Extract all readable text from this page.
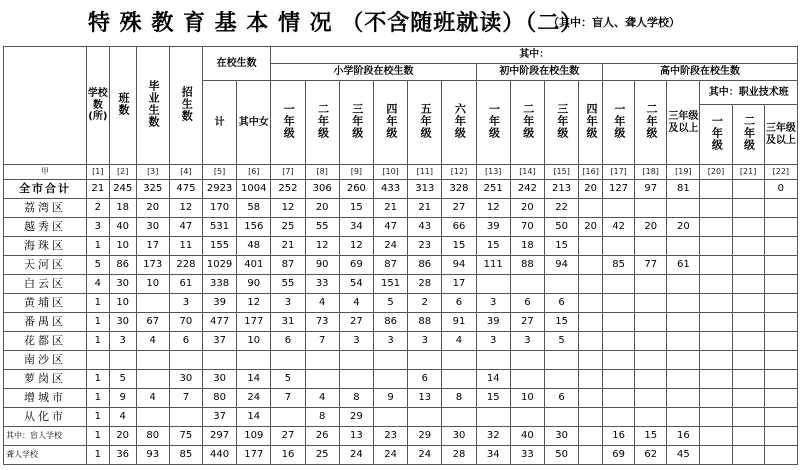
特 殊 教 育 基 本 情 况 （不含随班就读）（二）
（其中：盲人、聋人学校）
	学校数(所)	班数	毕业生数	招生数	在校生数		其中：															
							小学阶段在校生数						初中阶段在校生数				高中阶段在校生数					
					计	其中女	一年级	二年级	三年级	四年级	五年级	六年级	一年级	二年级	三年级	四年级	一年级	二年级	三年级及以上	其中：职业技术班		
																				一年级	二年级	三年级及以上
甲	[1]	[2]	[3]	[4]	[5]	[6]	[7]	[8]	[9]	[10]	[11]	[12]	[13]	[14]	[15]	[16]	[17]	[18]	[19]	[20]	[21]	[22]
全市合计	21	245	325	475	2923	1004	252	306	260	433	313	328	251	242	213	20	127	97	81			0
荔湾区	2	18	20	12	170	58	12	20	15	21	21	27	12	20	22							
越秀区	3	40	30	47	531	156	25	55	34	47	43	66	39	70	50	20	42	20	20			
海珠区	1	10	17	11	155	48	21	12	12	24	23	15	15	18	15							
天河区	5	86	173	228	1029	401	87	90	69	87	86	94	111	88	94		85	77	61			
白云区	4	30	10	61	338	90	55	33	54	151	28	17										
黄埔区	1	10		3	39	12	3	4	4	5	2	6	3	6	6							
番禺区	1	30	67	70	477	177	31	73	27	86	88	91	39	27	15							
花都区	1	3	4	6	37	10	6	7	3	3	3	4	3	3	5							
南沙区																						
萝岗区	1	5		30	30	14	5				6		14									
增城市	1	9	4	7	80	24	7	4	8	9	13	8	15	10	6							
从化市	1	4			37	14		8	29													
其中：盲人学校	1	20	80	75	297	109	27	26	13	23	29	30	32	40	30		16	15	16			
聋人学校	1	36	93	85	440	177	16	25	24	24	24	28	34	33	50		69	62	45			
